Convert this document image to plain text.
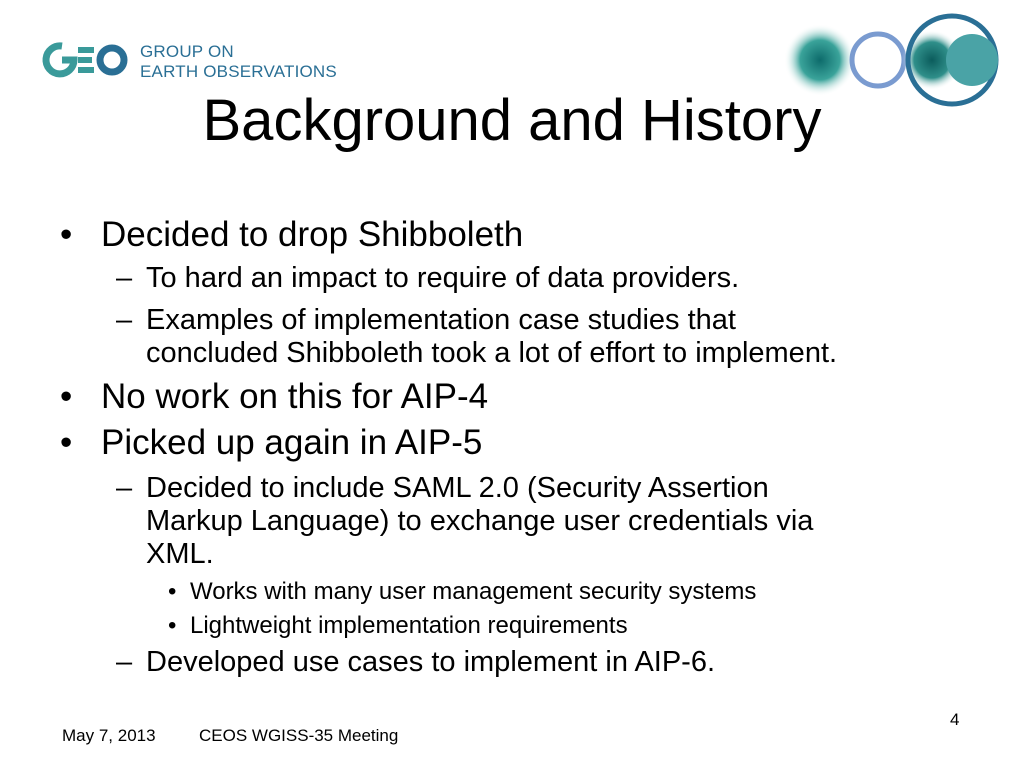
GROUP ON
EARTH OBSERVATIONS
Background and History
• Decided to drop Shibboleth
– To hard an impact to require of data providers.
– Examples of implementation case studies that
concluded Shibboleth took a lot of effort to implement.
• No work on this for AIP-4
• Picked up again in AIP-5
– Decided to include SAML 2.0 (Security Assertion
Markup Language) to exchange user credentials via
XML.
• Works with many user management security systems
• Lightweight implementation requirements
– Developed use cases to implement in AIP-6.
May 7, 2013	CEOS WGISS-35 Meeting
4
